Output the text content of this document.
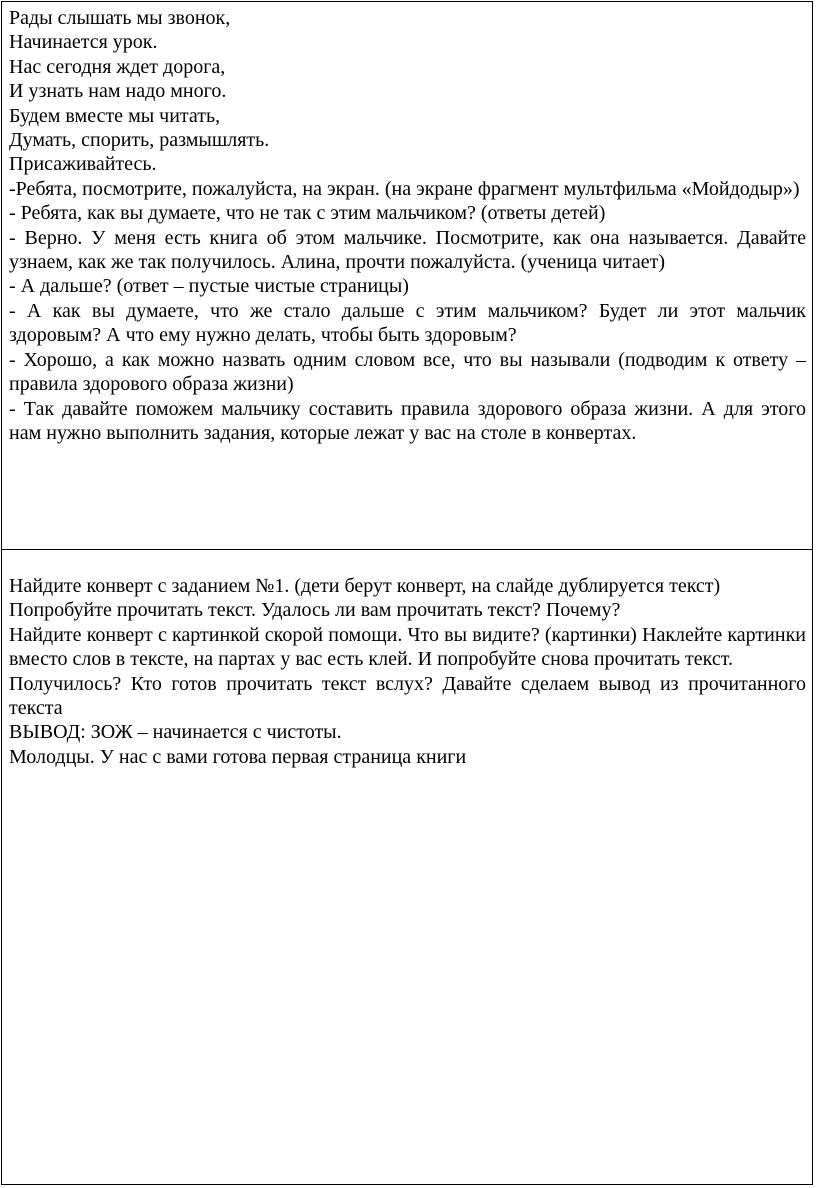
Рады слышать мы звонок,
Начинается урок.
Нас сегодня ждет дорога,
И узнать нам надо много.
Будем вместе мы читать,
Думать, спорить, размышлять.
Присаживайтесь.

-Ребята, посмотрите, пожалуйста, на экран. (на экране фрагмент мультфильма «Мойдодыр»)

- Ребята, как вы думаете, что не так с этим мальчиком? (ответы детей)

- Верно. У меня есть книга об этом мальчике. Посмотрите, как она называется. Давайте узнаем, как же так получилось. Алина, прочти пожалуйста. (ученица читает)

- А дальше? (ответ – пустые чистые страницы)

- А как вы думаете, что же стало дальше с этим мальчиком? Будет ли этот мальчик здоровым? А что ему нужно делать, чтобы быть здоровым?

- Хорошо, а как можно назвать одним словом все, что вы называли (подводим к ответу – правила здорового образа жизни)

- Так давайте поможем мальчику составить правила здорового образа жизни. А для этого нам нужно выполнить задания, которые лежат у вас на столе в конвертах.

Найдите конверт с заданием №1. (дети берут конверт, на слайде дублируется текст)

Попробуйте прочитать текст. Удалось ли вам прочитать текст? Почему?

Найдите конверт с картинкой скорой помощи. Что вы видите? (картинки) Наклейте картинки вместо слов в тексте, на партах у вас есть клей. И попробуйте снова прочитать текст.

Получилось? Кто готов прочитать текст вслух? Давайте сделаем вывод из прочитанного текста

ВЫВОД: ЗОЖ – начинается с чистоты.

Молодцы. У нас с вами готова первая страница книги
